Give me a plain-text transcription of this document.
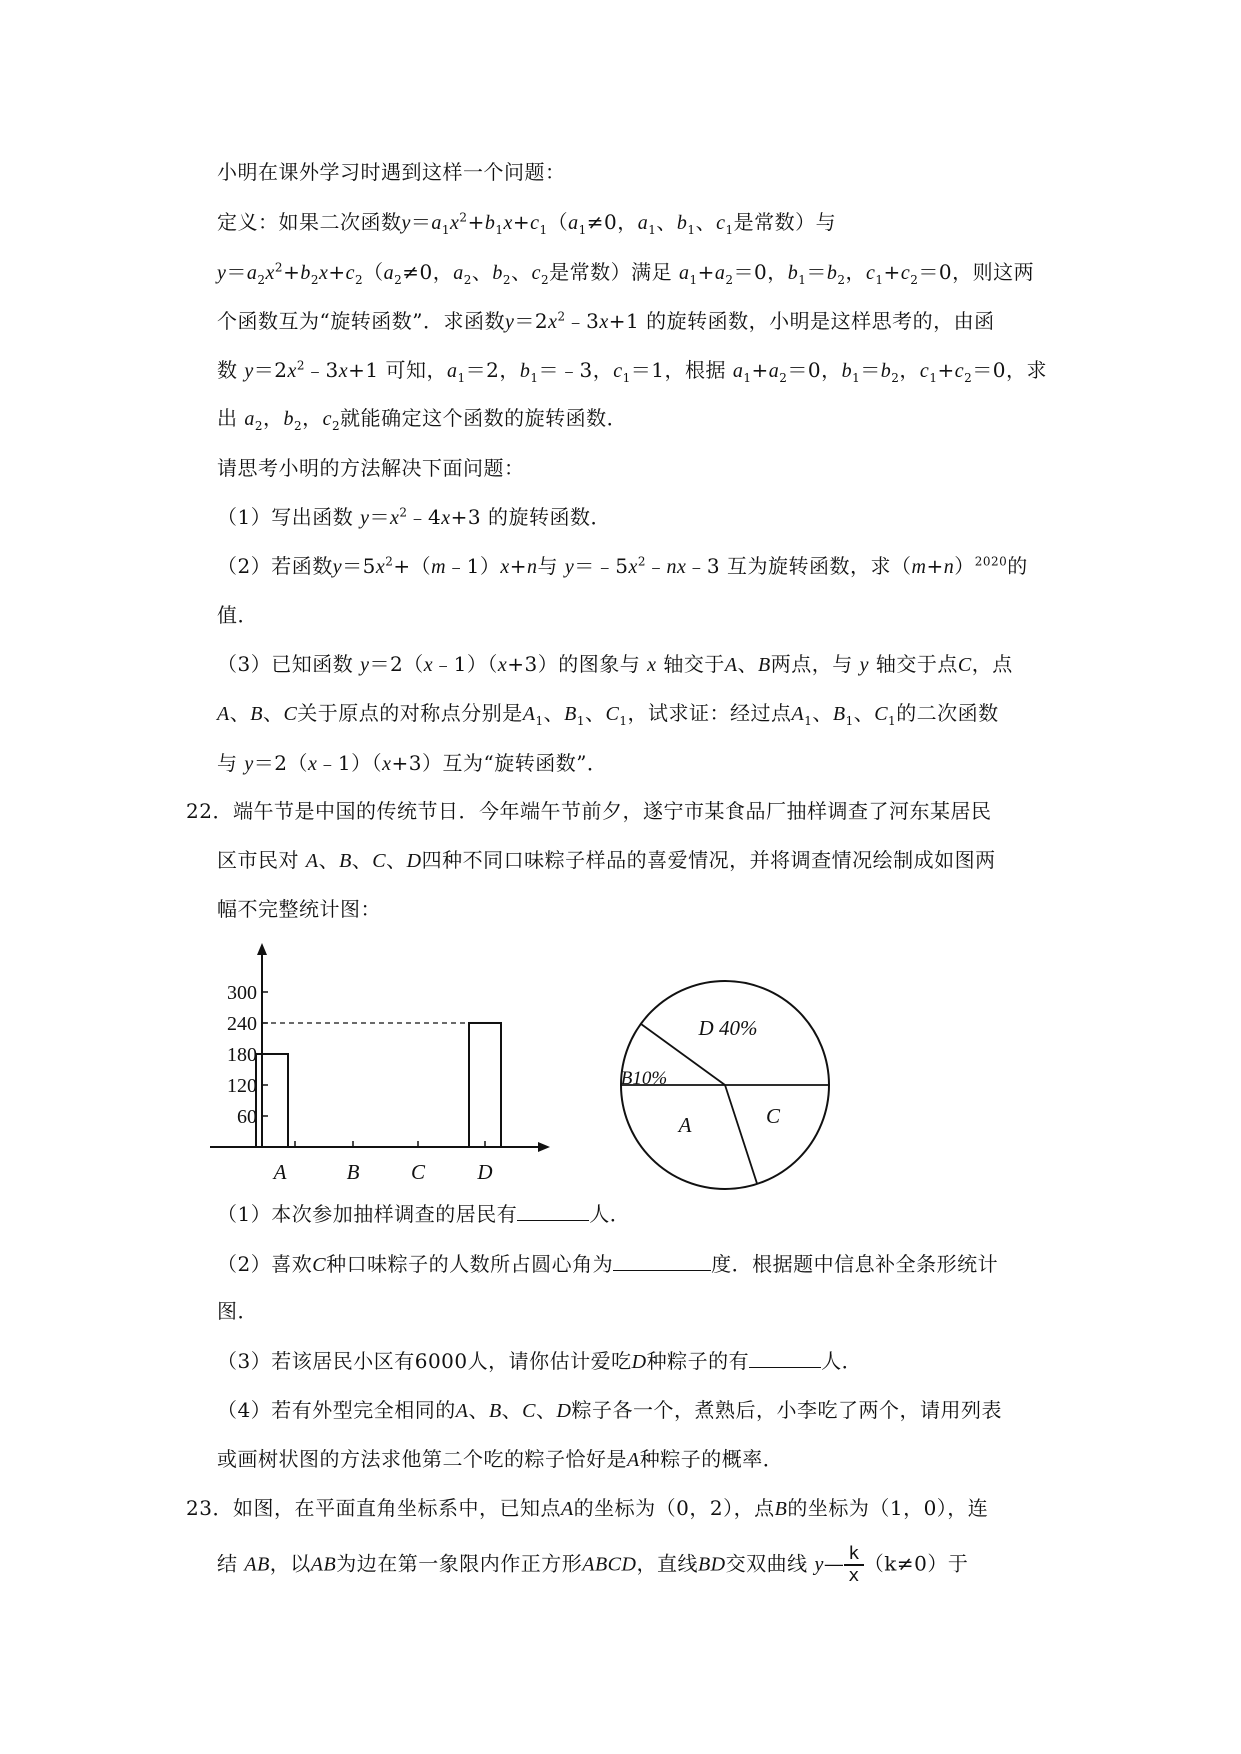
小明在课外学习时遇到这样一个问题：
定义：如果二次函数$y=a_1x^2+b_1x+c_1(a_1\ne 0$，$a_1$、$b_1$、$c_1$是常数）与
$y=a_2x^2+b_2x+c_2(a_2\ne 0$，$a_2$、$b_2$、$c_2$是常数）满足 $a_1+a_2=0$，$b_1=b_2$，$c_1+c_2=0$，则这两
个函数互为“旋转函数”．求函数$y=2x^2﹣3x+1$ 的旋转函数，小明是这样思考的，由函
数 $y=2x^2﹣3x+1$ 可知，$a_1=2$，$b_1=﹣3$，$c_1=1$，根据 $a_1+a_2=0$，$b_1=b_2$，$c_1+c_2=0$，求
出 $a_2$，$b_2$，$c_2$就能确定这个函数的旋转函数．
请思考小明的方法解决下面问题：
（1）写出函数 $y=x^2﹣4x+3$ 的旋转函数．
（2）若函数$y=5x^2+(m﹣1)x+n$与 $y=﹣5x^2﹣nx﹣3$ 互为旋转函数，求$(m+n)^{2020}$的
值．
（3）已知函数 y＝2（x﹣1）（x+3）的图象与 x 轴交于A、B两点，与 y 轴交于点C，点
A、B、C关于原点的对称点分别是$A_1$、$B_1$、$C_1$，试求证：经过点$A_1$、$B_1$、$C_1$的二次函数
与 y＝2（x﹣1）（x+3）互为“旋转函数”．
22．端午节是中国的传统节日．今年端午节前夕，遂宁市某食品厂抽样调查了河东某居民
区市民对 A、B、C、D四种不同口味粽子样品的喜爱情况，并将调查情况绘制成如图两
幅不完整统计图：
60
120
180
240
300
A	B C D
D 40%
B10%
A	C
（1）本次参加抽样调查的居民有	人．
（2）喜欢C种口味粽子的人数所占圆心角为	度．根据题中信息补全条形统计
图．
（3）若该居民小区有6000人，请你估计爱吃D种粽子的有	人．
（4）若有外型完全相同的A、B、C、D粽子各一个，煮熟后，小李吃了两个，请用列表
或画树状图的方法求他第二个吃的粽子恰好是A种粽子的概率．
23．如图，在平面直角坐标系中，已知点A的坐标为（0，2），点B的坐标为（1，0），连
结 AB，以AB为边在第一象限内作正方形ABCD，直线BD交双曲线 y— $\frac{k}{x} (k\ne 0)$于
